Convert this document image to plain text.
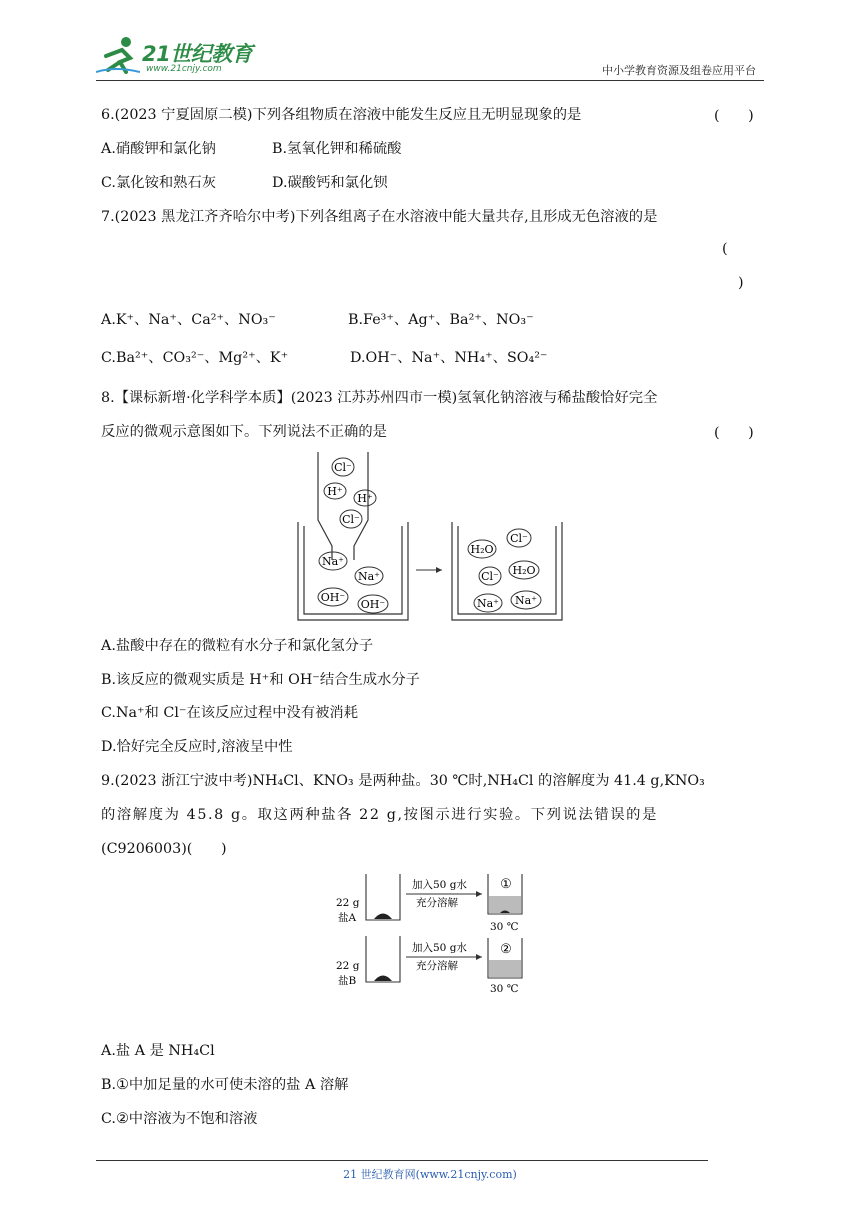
21世纪教育
www.21cnjy.com	中小学教育资源及组卷应用平台
6.(2023 宁夏固原二模)下列各组物质在溶液中能发生反应且无明显现象的是	(　　)
A.硝酸钾和氯化钠	B.氢氧化钾和稀硫酸
C.氯化铵和熟石灰	D.碳酸钙和氯化钡
7.(2023 黑龙江齐齐哈尔中考)下列各组离子在水溶液中能大量共存,且形成无色溶液的是
(
)
A.K⁺、Na⁺、Ca²⁺、NO₃⁻	B.Fe³⁺、Ag⁺、Ba²⁺、NO₃⁻
C.Ba²⁺、CO₃²⁻、Mg²⁺、K⁺	D.OH⁻、Na⁺、NH₄⁺、SO₄²⁻
8.【课标新增·化学科学本质】(2023 江苏苏州四市一模)氢氧化钠溶液与稀盐酸恰好完全
反应的微观示意图如下。下列说法不正确的是	(　　)
Cl⁻
H⁺
H⁺
Cl⁻
Na⁺
Na⁺
OH⁻
OH⁻
H₂O
Cl⁻
Cl⁻ H₂O
Na⁺ Na⁺
A.盐酸中存在的微粒有水分子和氯化氢分子
B.该反应的微观实质是 H⁺和 OH⁻结合生成水分子
C.Na⁺和 Cl⁻在该反应过程中没有被消耗
D.恰好完全反应时,溶液呈中性
9.(2023 浙江宁波中考)NH₄Cl、KNO₃ 是两种盐。30 ℃时,NH₄Cl 的溶解度为 41.4 g,KNO₃
的溶解度为 45.8 g。取这两种盐各 22 g,按图示进行实验。下列说法错误的是
(C9206003)(　　)
22 g
盐A
22 g
盐B
加入50 g水
充分溶解
加入50 g水
充分溶解
30 ℃
30 ℃
①
②
A.盐 A 是 NH₄Cl
B.①中加足量的水可使未溶的盐 A 溶解
C.②中溶液为不饱和溶液
21 世纪教育网(www.21cnjy.com)
